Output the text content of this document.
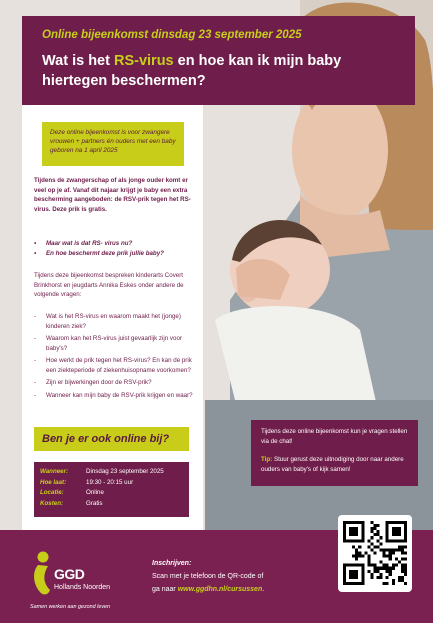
Online bijeenkomst dinsdag 23 september 2025
Wat is het RS-virus en hoe kan ik mijn baby hiertegen beschermen?
Deze online bijeenkomst is voor zwangere vrouwen + partners én ouders met een baby geboren na 1 april 2025
Tijdens de zwangerschap of als jonge ouder komt er veel op je af. Vanaf dit najaar krijgt je baby een extra bescherming aangeboden: de RSV-prik tegen het RS-virus. Deze prik is gratis.
•	Maar wat is dat RS- virus nu?
•	En hoe beschermt deze prik jullie baby?
Tijdens deze bijeenkomst bespreken kinderarts Covert Brinkhorst en jeugdarts Annika Eskes onder andere de volgende vragen:
-	Wat is het RS-virus en waarom maakt het (jonge) kinderen ziek?
-	Waarom kan het RS-virus juist gevaarlijk zijn voor baby's?
-	Hoe werkt de prik tegen het RS-virus? En kan de prik een ziekteperiode of ziekenhuisopname voorkomen?
-	Zijn er bijwerkingen door de RSV-prik?
-	Wanneer kan mijn baby de RSV-prik krijgen en waar?
Ben je er ook online bij?
Wanneer:	Dinsdag 23 september 2025
Hoe laat:	19:30 - 20:15 uur
Locatie:	Online
Kosten:	Gratis
Tijdens deze online bijeenkomst kun je vragen stellen via de chat!
Tip: Stuur gerust deze uitnodiging door naar andere ouders van baby's of kijk samen!
GGD
Hollands Noorden
Samen werken aan gezond leven
Inschrijven:
Scan met je telefoon de QR-code of
ga naar www.ggdhn.nl/cursussen.
